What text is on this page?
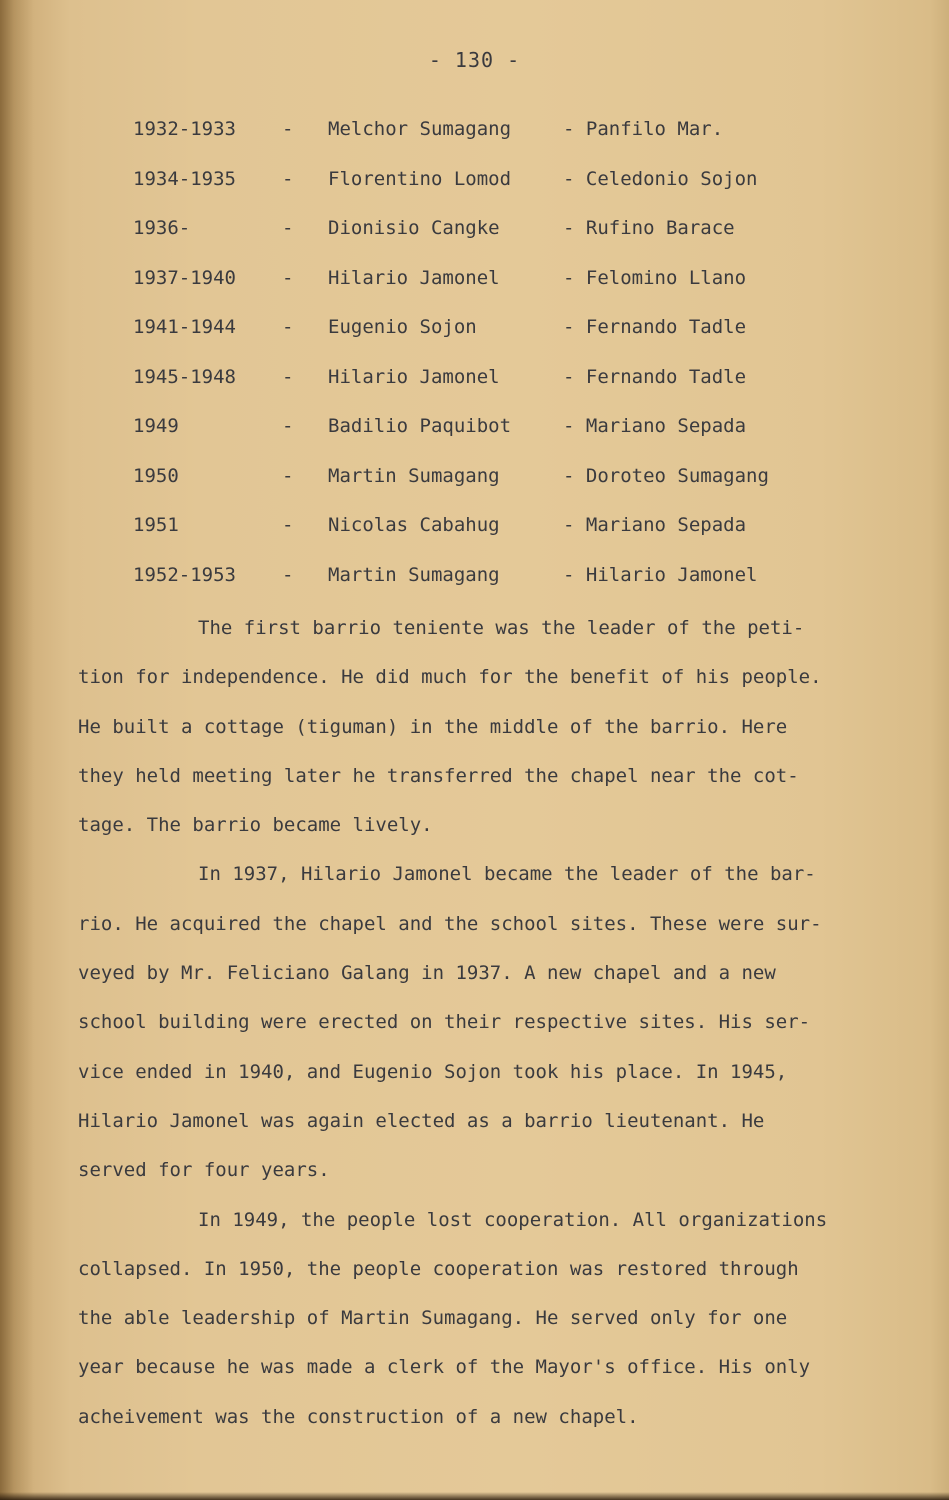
- 130 -
1932-1933 - Melchor Sumagang	- Panfilo Mar.
1934-1935 - Florentino Lomod	- Celedonio Sojon
1936-	- Dionisio Cangke	- Rufino Barace
1937-1940 - Hilario Jamonel	- Felomino Llano
1941-1944 - Eugenio Sojon	- Fernando Tadle
1945-1948 - Hilario Jamonel	- Fernando Tadle
1949	- Badilio Paquibot	- Mariano Sepada
1950	- Martin Sumagang	- Doroteo Sumagang
1951	- Nicolas Cabahug	- Mariano Sepada
1952-1953 - Martin Sumagang	- Hilario Jamonel
The first barrio teniente was the leader of the peti-
tion for independence. He did much for the benefit of his people.
He built a cottage (tiguman) in the middle of the barrio. Here
they held meeting later he transferred the chapel near the cot-
tage. The barrio became lively.
In 1937, Hilario Jamonel became the leader of the bar-
rio. He acquired the chapel and the school sites. These were sur-
veyed by Mr. Feliciano Galang in 1937. A new chapel and a new
school building were erected on their respective sites. His ser-
vice ended in 1940, and Eugenio Sojon took his place. In 1945,
Hilario Jamonel was again elected as a barrio lieutenant. He
served for four years.
In 1949, the people lost cooperation. All organizations
collapsed. In 1950, the people cooperation was restored through
the able leadership of Martin Sumagang. He served only for one
year because he was made a clerk of the Mayor's office. His only
acheivement was the construction of a new chapel.
